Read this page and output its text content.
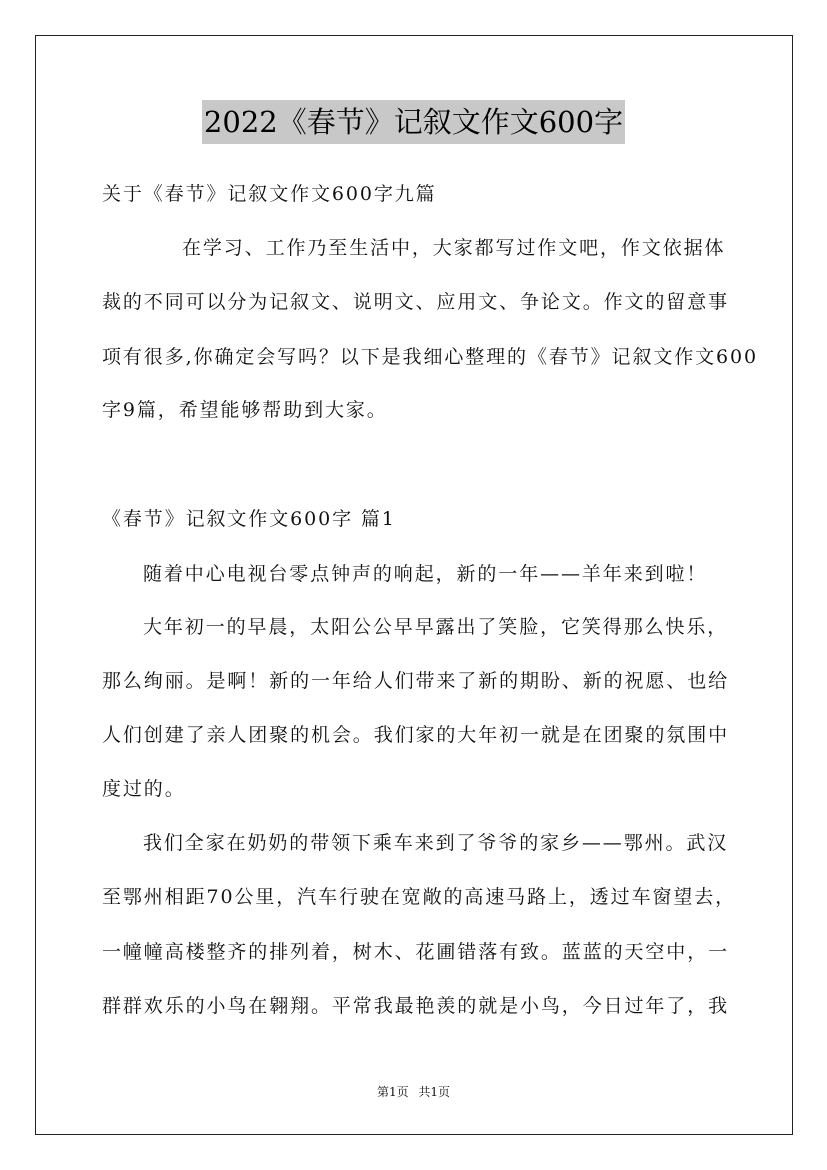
2022《春节》记叙文作文600字
关于《春节》记叙文作文600字九篇
在学习、工作乃至生活中，大家都写过作文吧，作文依据体
裁的不同可以分为记叙文、说明文、应用文、争论文。作文的留意事
项有很多,你确定会写吗？以下是我细心整理的《春节》记叙文作文600
字9篇，希望能够帮助到大家。
《春节》记叙文作文600字 篇1
随着中心电视台零点钟声的响起，新的一年——羊年来到啦！
大年初一的早晨，太阳公公早早露出了笑脸，它笑得那么快乐，
那么绚丽。是啊！新的一年给人们带来了新的期盼、新的祝愿、也给
人们创建了亲人团聚的机会。我们家的大年初一就是在团聚的氛围中
度过的。
我们全家在奶奶的带领下乘车来到了爷爷的家乡——鄂州。武汉
至鄂州相距70公里，汽车行驶在宽敞的高速马路上，透过车窗望去，
一幢幢高楼整齐的排列着，树木、花圃错落有致。蓝蓝的天空中，一
群群欢乐的小鸟在翱翔。平常我最艳羡的就是小鸟，今日过年了，我
第1页 共1页
